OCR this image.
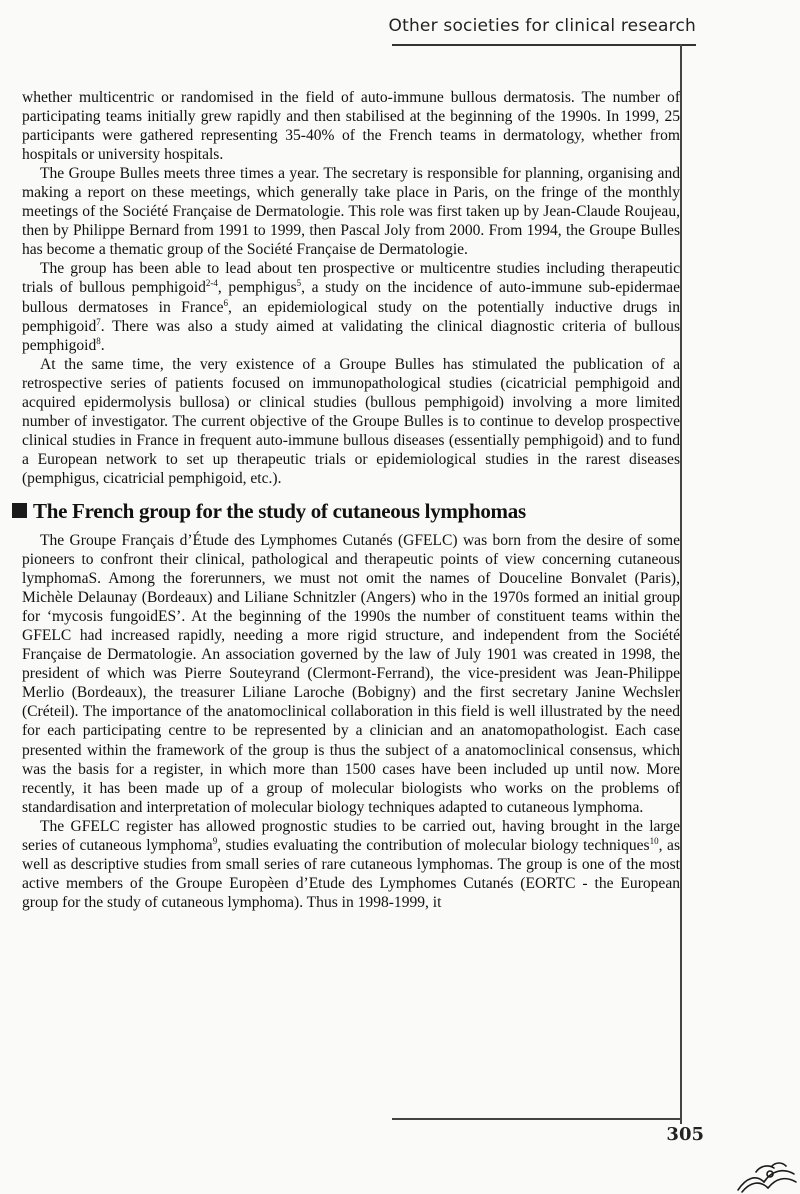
Other societies for clinical research

whether multicentric or randomised in the field of auto-immune bullous dermatosis. The number of participating teams initially grew rapidly and then stabilised at the beginning of the 1990s. In 1999, 25 participants were gathered representing 35-40% of the French teams in dermatology, whether from hospitals or university hospitals.

The Groupe Bulles meets three times a year. The secretary is responsible for planning, organising and making a report on these meetings, which generally take place in Paris, on the fringe of the monthly meetings of the Société Française de Dermatologie. This role was first taken up by Jean-Claude Roujeau, then by Philippe Bernard from 1991 to 1999, then Pascal Joly from 2000. From 1994, the Groupe Bulles has become a thematic group of the Société Française de Dermatologie.

The group has been able to lead about ten prospective or multicentre studies including therapeutic trials of bullous pemphigoid$^{2-4}$, pemphigus$^5$, a study on the incidence of auto-immune sub-epidermae bullous dermatoses in France$^6$, an epidemiological study on the potentially inductive drugs in pemphigoid$^7$. There was also a study aimed at validating the clinical diagnostic criteria of bullous pemphigoid$^8$.

At the same time, the very existence of a Groupe Bulles has stimulated the publication of a retrospective series of patients focused on immunopathological studies (cicatricial pemphigoid and acquired epidermolysis bullosa) or clinical studies (bullous pemphigoid) involving a more limited number of investigator. The current objective of the Groupe Bulles is to continue to develop prospective clinical studies in France in frequent auto-immune bullous diseases (essentially pemphigoid) and to fund a European network to set up therapeutic trials or epidemiological studies in the rarest diseases (pemphigus, cicatricial pemphigoid, etc.).

The French group for the study of cutaneous lymphomas

The Groupe Français d’Étude des Lymphomes Cutanés (GFELC) was born from the desire of some pioneers to confront their clinical, pathological and therapeutic points of view concerning cutaneous lymphomaS. Among the forerunners, we must not omit the names of Douceline Bonvalet (Paris), Michèle Delaunay (Bordeaux) and Liliane Schnitzler (Angers) who in the 1970s formed an initial group for ‘mycosis fungoidES’. At the beginning of the 1990s the number of constituent teams within the GFELC had increased rapidly, needing a more rigid structure, and independent from the Société Française de Dermatologie. An association governed by the law of July 1901 was created in 1998, the president of which was Pierre Souteyrand (Clermont-Ferrand), the vice-president was Jean-Philippe Merlio (Bordeaux), the treasurer Liliane Laroche (Bobigny) and the first secretary Janine Wechsler (Créteil). The importance of the anatomoclinical collaboration in this field is well illustrated by the need for each participating centre to be represented by a clinician and an anatomopathologist. Each case presented within the framework of the group is thus the subject of a anatomoclinical consensus, which was the basis for a register, in which more than 1500 cases have been included up until now. More recently, it has been made up of a group of molecular biologists who works on the problems of standardisation and interpretation of molecular biology techniques adapted to cutaneous lymphoma.

The GFELC register has allowed prognostic studies to be carried out, having brought in the large series of cutaneous lymphoma$^9$, studies evaluating the contribution of molecular biology techniques$^{10}$, as well as descriptive studies from small series of rare cutaneous lymphomas. The group is one of the most active members of the Groupe Europèen d’Etude des Lymphomes Cutanés (EORTC - the European group for the study of cutaneous lymphoma). Thus in 1998-1999, it

305
